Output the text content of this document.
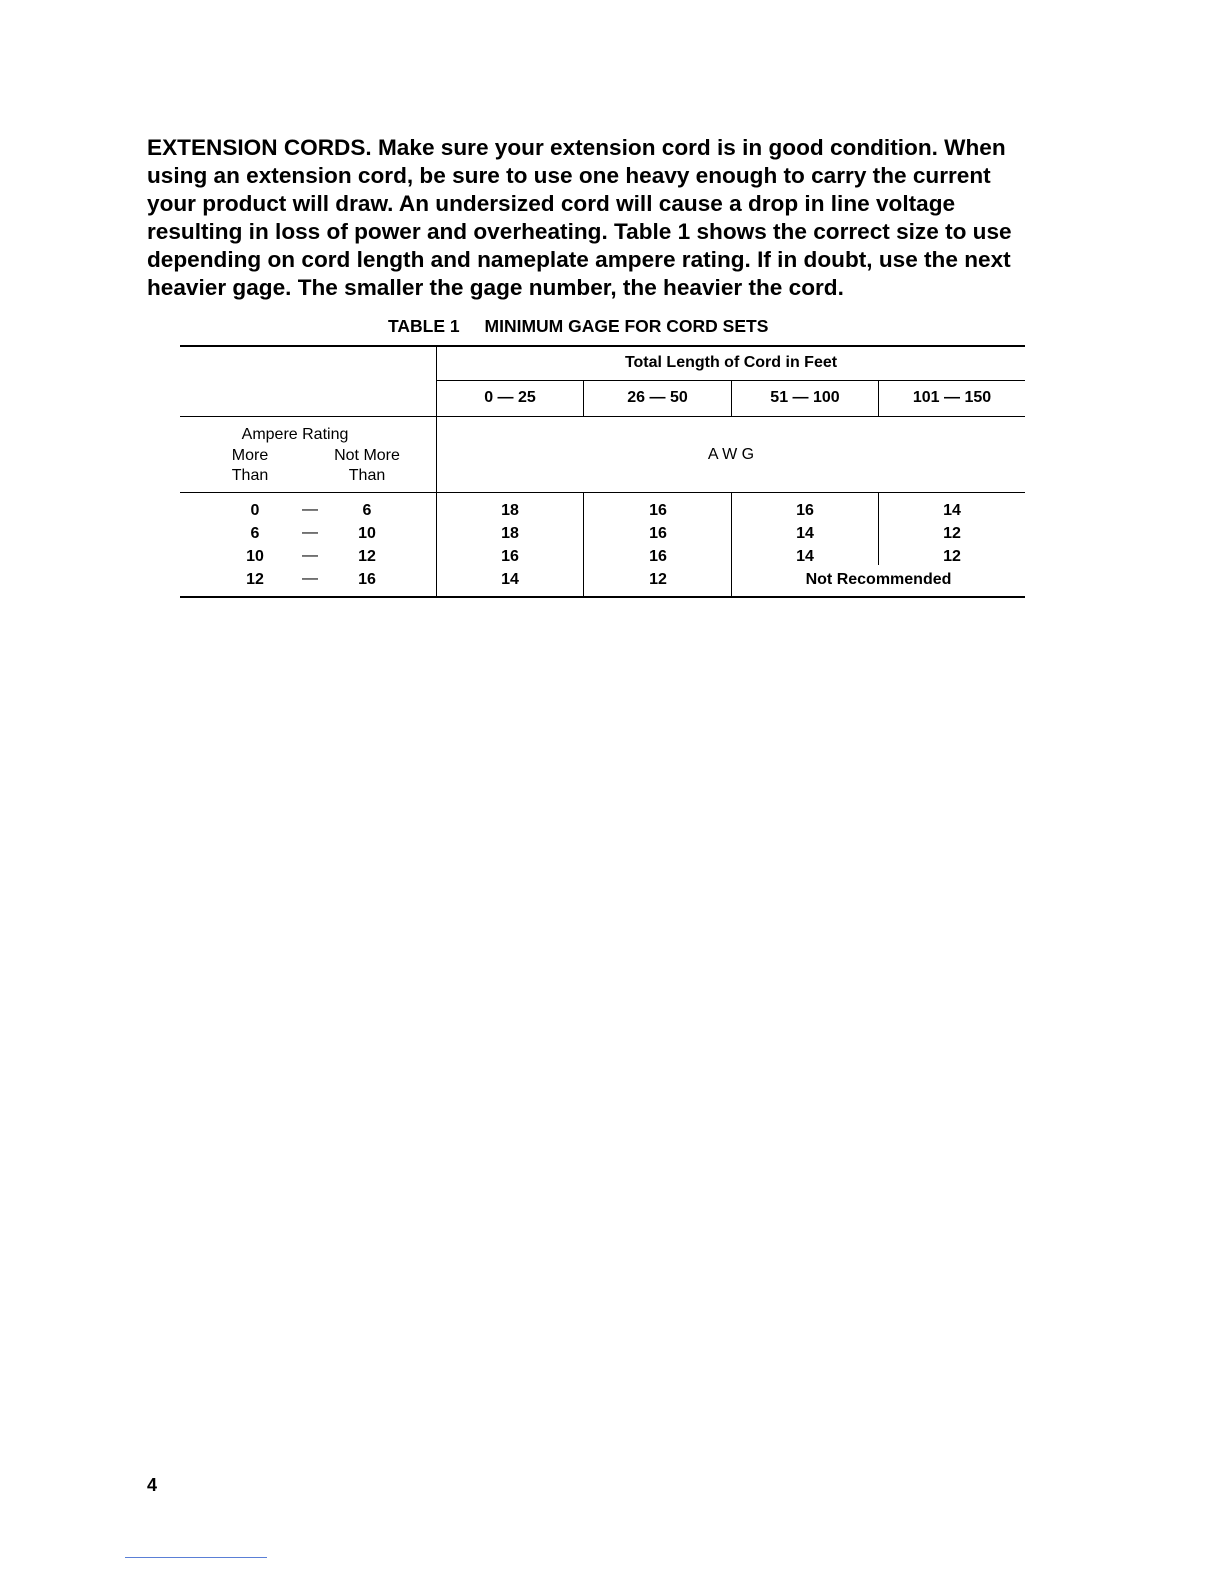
EXTENSION CORDS. Make sure your extension cord is in good condition. When
using an extension cord, be sure to use one heavy enough to carry the current
your product will draw. An undersized cord will cause a drop in line voltage
resulting in loss of power and overheating. Table 1 shows the correct size to use
depending on cord length and nameplate ampere rating. If in doubt, use the next
heavier gage. The smaller the gage number, the heavier the cord.
TABLE 1 MINIMUM GAGE FOR CORD SETS
Total Length of Cord in Feet
0 — 25	26 — 50	51 — 100	101 — 150
Ampere Rating
More
Than
Not More
Than
A W G
0	—	6	18	16	16	14
6	—	10	18	16	14	12
10	—	12	16	16	14	12
12	—	16	14	12	Not Recommended
4
